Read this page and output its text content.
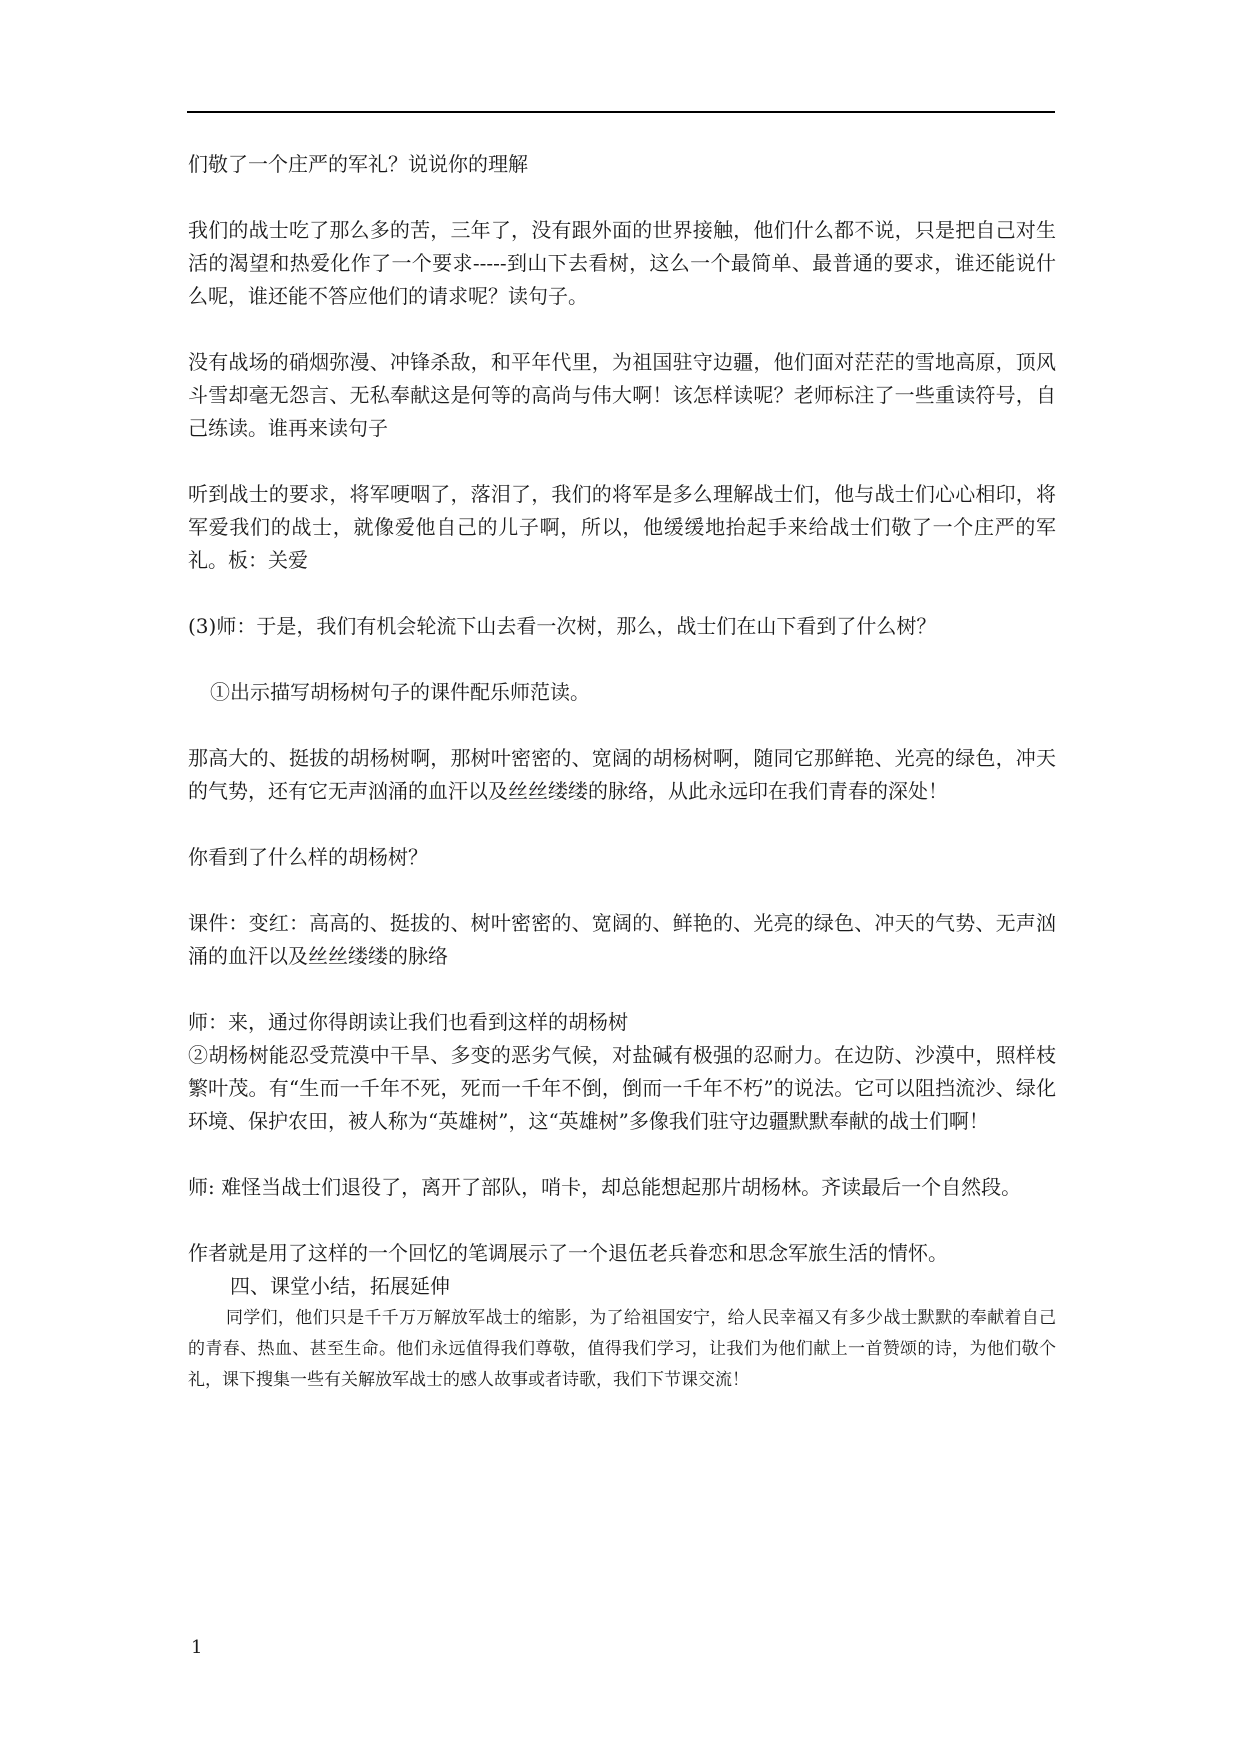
们敬了一个庄严的军礼？说说你的理解

我们的战士吃了那么多的苦，三年了，没有跟外面的世界接触，他们什么都不说，只是把自己对生活的渴望和热爱化作了一个要求-----到山下去看树，这么一个最简单、最普通的要求，谁还能说什么呢，谁还能不答应他们的请求呢？读句子。

没有战场的硝烟弥漫、冲锋杀敌，和平年代里，为祖国驻守边疆，他们面对茫茫的雪地高原，顶风斗雪却毫无怨言、无私奉献这是何等的高尚与伟大啊！该怎样读呢？老师标注了一些重读符号，自己练读。谁再来读句子

听到战士的要求，将军哽咽了，落泪了，我们的将军是多么理解战士们，他与战士们心心相印，将军爱我们的战士，就像爱他自己的儿子啊，所以，他缓缓地抬起手来给战士们敬了一个庄严的军礼。板：关爱

(3)师：于是，我们有机会轮流下山去看一次树，那么，战士们在山下看到了什么树？

①出示描写胡杨树句子的课件配乐师范读。

那高大的、挺拔的胡杨树啊，那树叶密密的、宽阔的胡杨树啊，随同它那鲜艳、光亮的绿色，冲天的气势，还有它无声汹涌的血汗以及丝丝缕缕的脉络，从此永远印在我们青春的深处！

你看到了什么样的胡杨树？

课件：变红：高高的、挺拔的、树叶密密的、宽阔的、鲜艳的、光亮的绿色、冲天的气势、无声汹涌的血汗以及丝丝缕缕的脉络

师：来，通过你得朗读让我们也看到这样的胡杨树

②胡杨树能忍受荒漠中干旱、多变的恶劣气候，对盐碱有极强的忍耐力。在边防、沙漠中，照样枝繁叶茂。有“生而一千年不死，死而一千年不倒，倒而一千年不朽”的说法。它可以阻挡流沙、绿化环境、保护农田，被人称为“英雄树”，这“英雄树”多像我们驻守边疆默默奉献的战士们啊！

师: 难怪当战士们退役了，离开了部队，哨卡，却总能想起那片胡杨林。齐读最后一个自然段。

作者就是用了这样的一个回忆的笔调展示了一个退伍老兵眷恋和思念军旅生活的情怀。

四、课堂小结，拓展延伸

同学们，他们只是千千万万解放军战士的缩影，为了给祖国安宁，给人民幸福又有多少战士默默的奉献着自己的青春、热血、甚至生命。他们永远值得我们尊敬，值得我们学习，让我们为他们献上一首赞颂的诗，为他们敬个礼，课下搜集一些有关解放军战士的感人故事或者诗歌，我们下节课交流！

1
